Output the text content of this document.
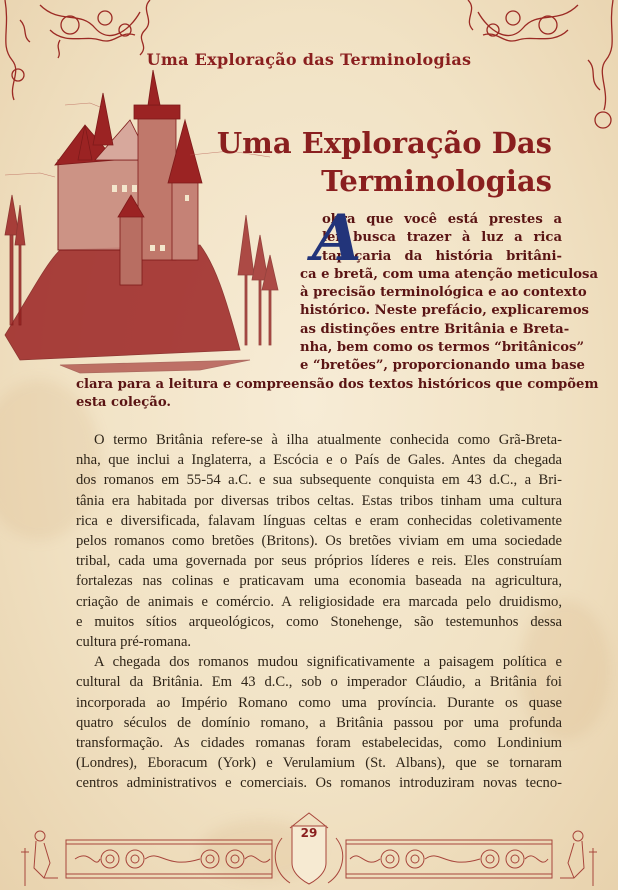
Uma Exploração das Terminologias
Uma Exploração Das
Terminologias
A
obra que você está prestes a
ler busca trazer à luz a rica
tapeçaria da história britâni-
ca e bretã, com uma atenção meticulosa
à precisão terminológica e ao contexto
histórico. Neste prefácio, explicaremos
as distinções entre Britânia e Breta-
nha, bem como os termos “britânicos”
e “bretões”, proporcionando uma base
clara para a leitura e compreensão dos textos históricos que compõem
esta coleção.
O termo Britânia refere-se à ilha atualmente conhecida como Grã-Breta-
nha, que inclui a Inglaterra, a Escócia e o País de Gales. Antes da chegada
dos romanos em 55-54 a.C. e sua subsequente conquista em 43 d.C., a Bri-
tânia era habitada por diversas tribos celtas. Estas tribos tinham uma cultura
rica e diversificada, falavam línguas celtas e eram conhecidas coletivamente
pelos romanos como bretões (Britons). Os bretões viviam em uma sociedade
tribal, cada uma governada por seus próprios líderes e reis. Eles construíam
fortalezas nas colinas e praticavam uma economia baseada na agricultura,
criação de animais e comércio. A religiosidade era marcada pelo druidismo,
e muitos sítios arqueológicos, como Stonehenge, são testemunhos dessa
cultura pré-romana.
A chegada dos romanos mudou significativamente a paisagem política e
cultural da Britânia. Em 43 d.C., sob o imperador Cláudio, a Britânia foi
incorporada ao Império Romano como uma província. Durante os quase
quatro séculos de domínio romano, a Britânia passou por uma profunda
transformação. As cidades romanas foram estabelecidas, como Londinium
(Londres), Eboracum (York) e Verulamium (St. Albans), que se tornaram
centros administrativos e comerciais. Os romanos introduziram novas tecno-
29
